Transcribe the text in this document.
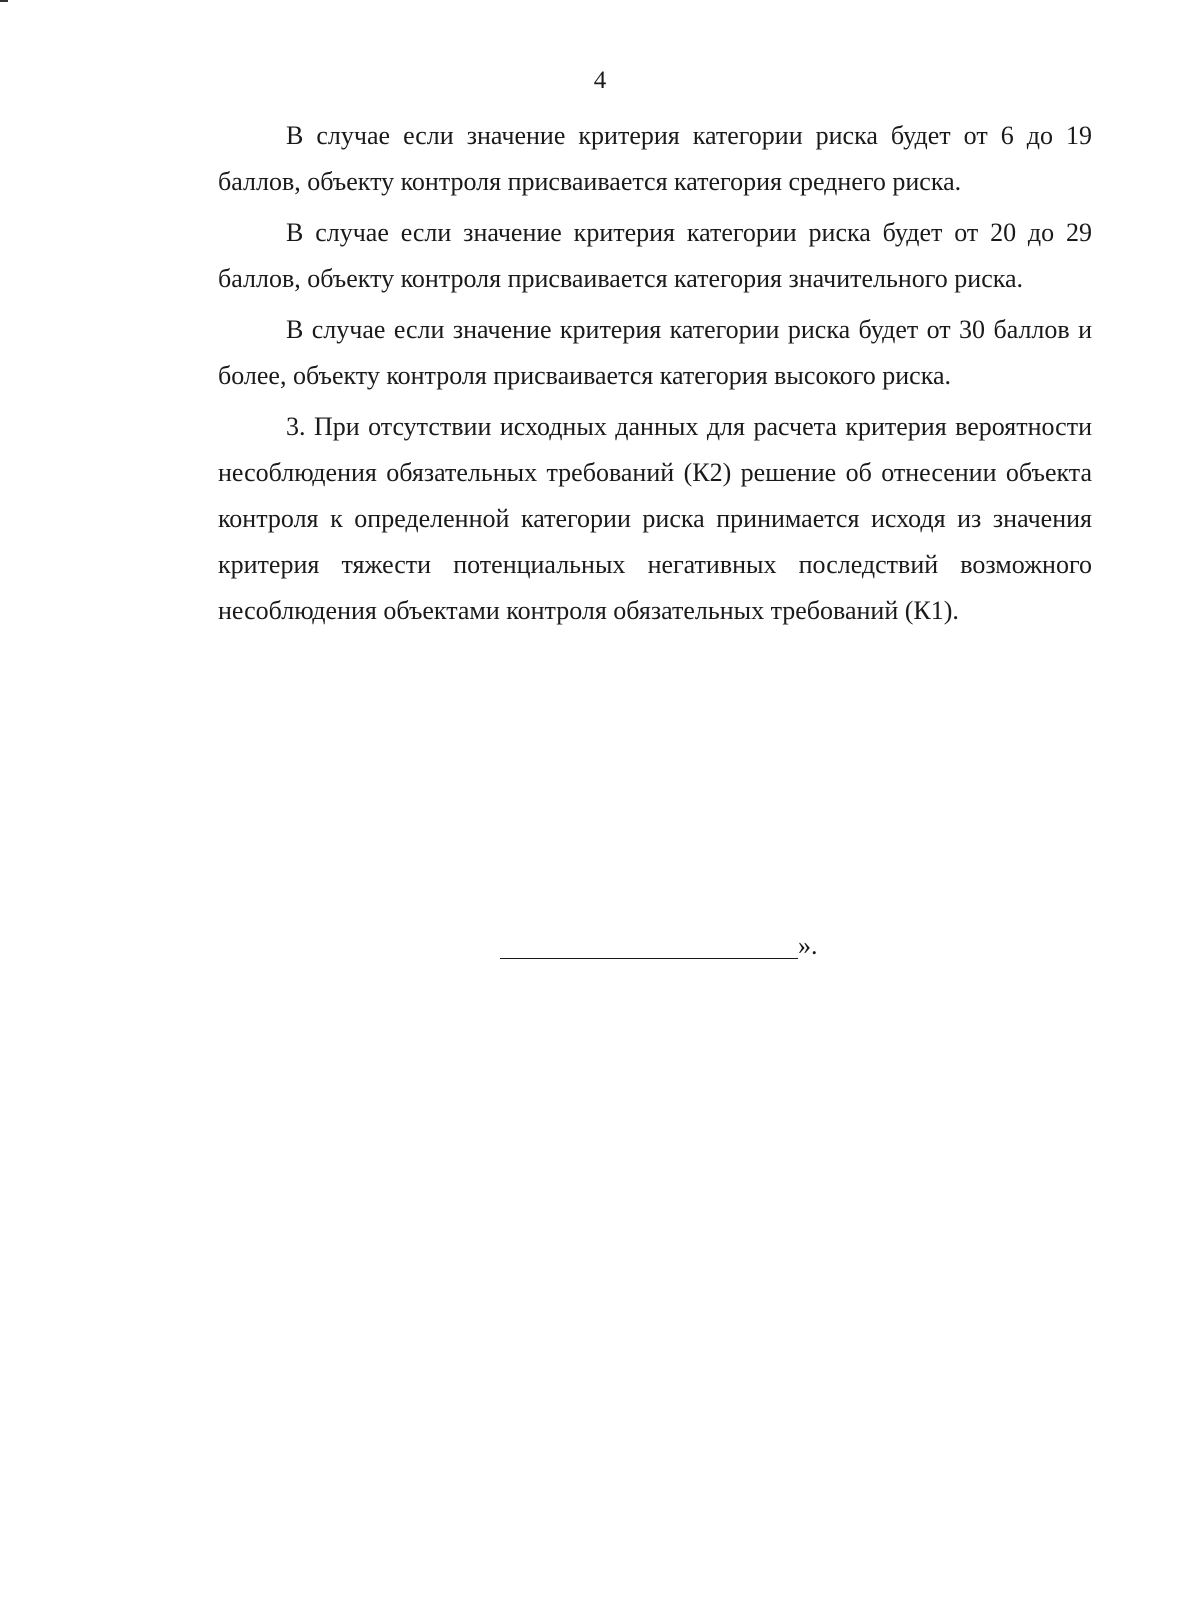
4

В случае если значение критерия категории риска будет от 6 до 19 баллов, объекту контроля присваивается категория среднего риска.

В случае если значение критерия категории риска будет от 20 до 29 баллов, объекту контроля присваивается категория значительного риска.

В случае если значение критерия категории риска будет от 30 баллов и более, объекту контроля присваивается категория высокого риска.

3. При отсутствии исходных данных для расчета критерия вероятности несоблюдения обязательных требований (К2) решение об отнесении объекта контроля к определенной категории риска принимается исходя из значения критерия тяжести потенциальных негативных последствий возможного несоблюдения объектами контроля обязательных требований (К1).

».
